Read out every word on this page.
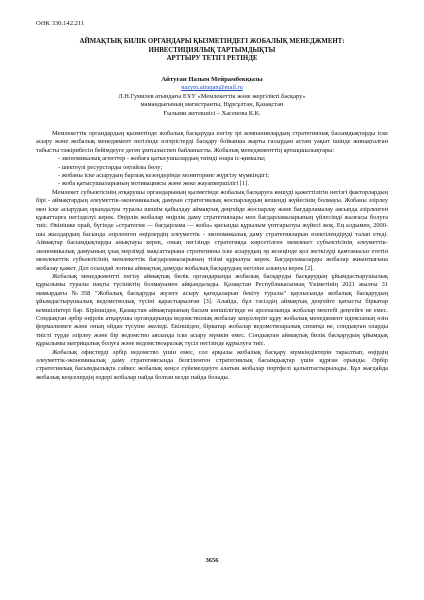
ОӘК 330.142.211
АЙМАҚТЫҚ БИЛІК ОРГАНДАРЫ ҚЫЗМЕТІНДЕГІ ЖОБАЛЫҚ МЕНЕДЖМЕНТ:
ИНВЕСТИЦИЯЛЫҚ ТАРТЫМДЫҚТЫ
АРТТЫРУ ТЕТІГІ РЕТІНДЕ
Айтуған Назым Мейрамбекқызы
nazym.aituqan@mail.ru
Л.Н.Гумилев атындағы ЕҰУ «Мемлекеттік және жергілікті басқару»
мамандығының магистранты, Нұрсұлтан, Қазақстан
Ғылыми жетекшісі – Хасенова К.К.

Мемлекеттік органдардың қызметінде жобалық басқаруды енгізу ірі компаниялардың стратегиялық басымдықтарды іске асыру және жобалық менеджмент негізінде өзгерістерді басқару бойынша жарты ғасырдан астам уақыт ішінде жинақталған табысты тәжірибесін бейімдеуге деген ұмтылыспен байланысты. Жобалық менеджменттің артықшылықтары:

- экономикалық агенттер - жобаға қатысушылардың тиімді өзара іс-қимылы;

- шектеулі ресурстарды оңтайлы бөлу;

- жобаны іске асырудың барлық кезеңдерінде мониторинг жүргізу мүмкіндігі;

- жоба қатысушыларының мотивациясы және жеке жауапкершілігі [1].

Мемлекет субъектісінің атқарушы органдарының қызметінде жобалық басқаруға көшуді қажеттілігін негізгі факторлардың бірі - аймақтардың әлеуметтік-экономикалық дамуын стратегиялық жоспарлаудың кешенді жүйесінің болмауы. Жобаны әзірлеу мен іске асырудың орындалуы туралы шешім қабылдау аймақтық деңгейде жоспарлау және бағдарламалау аясында әзірленген құжаттарға негізделуі керек. Өңірлік жобалар өңірлік даму стратегиялары мен бағдарламаларының үйлесімді жалғасы болуға тиіс. Өкінішке орай, бүгінде «стратегия — бағдарлама — жоба» қисынды құрылым үнтгарылуы жүйесі жоқ. Ең алдымен, 2000-шы жылдардың басында әзірленген өңірлердің әлеуметтік - экономикалық даму стратегияларын өзектілендіруді талап етеді. Аймақтар басымдықтарды анықтауы керек, оның негізінде стратегияда көрсетілген мемлекет субъектісінің әлеуметтік-экономикалық дамуының ұзақ мерзімді мақсаттарына стратегияны іске асырудың әр кезеңінде қол жеткізуді қамтамасыз ететін мемлекеттік субъектісінің мемлекеттік бағдарламаларының тізімі құрылуы керек. Бағдарламаларды жобалар жиынтығына жобалау қажет. Дәл осындай логика аймақтық дамуды жобалық басқарудың негізіне алынуы керек [2].

Жобалық менеджментті енгізу аймақтық билік органдарында жобалық басқаруды басқарудың ұйымдастырушылық құрылымы туралы нақты түсініктің болмауымен айқындалады. Қазақстан Республикасының Үкіметінің 2021 жылғы 31 мамырдағы №358 "Жобалық басқаруды жүзеге асыру қағидаларын бекіту туралы" қаулысында жобалық басқарудың ұйымдастырушылық ведомстволық түсіні қарастырылған [3]. Алайда, бұл тәсілдің аймақтық деңгейге қатысты біркатар кемшіліктері бар. Біріншіден, Қазақстан аймақтарының басым көпшілігінде өз арсеналында жобалар мектебі деңгейге не емес. Сондықтан әрбір өңірлік атқарушы органдарында ведомстволық жобалау кеңселерін құру жобалық менеджмент идеясының өзін формализмге және оның ойдан түсуіне әкеледі. Екіншіден, біркатар жобалар ведомствоаралық сипатқа не, сондықтан оларды тиісті түрде әзірлеу және бір ведомство аясында іске асыру мүмкін емес. Сондықтан аймақтық билік басқарудың ұйымдық құрылымы матрицалық болуға және ведомствоаралық түсіл негізінде құрылуға тиіс.

Жобалық офистерді әрбір ведомство үшін емес, сол арқылы жобалық басқару мүмкіндіктерін тарылтып, өңірдің әлеуметтік-экономикалық даму стратегиясында белгіленген стратегиялық басымдықтар үшін құрған орынды. Әрбір стратегиялық басымдылықта сәйкес жобалық кеңсе сүйемелдеуге алатын жобалар портфелі қалыптастырылады. Бұл жағдайда жобалық кеңселердің өздері жобалар пайда болған кезде пайда болады.

3656
